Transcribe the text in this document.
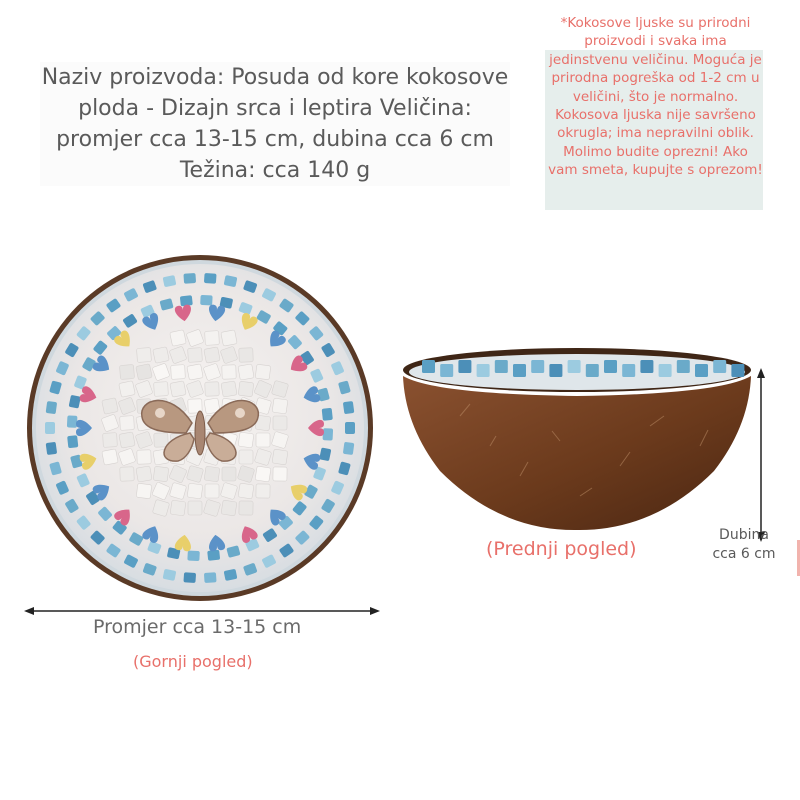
Naziv proizvoda: Posuda od kore kokosove ploda - Dizajn srca i leptira Veličina: promjer cca 13-15 cm, dubina cca 6 cm Težina: cca 140 g
*Kokosove ljuske su prirodni proizvodi i svaka ima jedinstvenu veličinu. Moguća je prirodna pogreška od 1-2 cm u veličini, što je normalno. Kokosova ljuska nije savršeno okrugla; ima nepravilni oblik. Molimo budite oprezni! Ako vam smeta, kupujte s oprezom!
(Prednji pogled)
Promjer cca 13-15 cm
(Gornji pogled)
Dubina cca 6 cm
